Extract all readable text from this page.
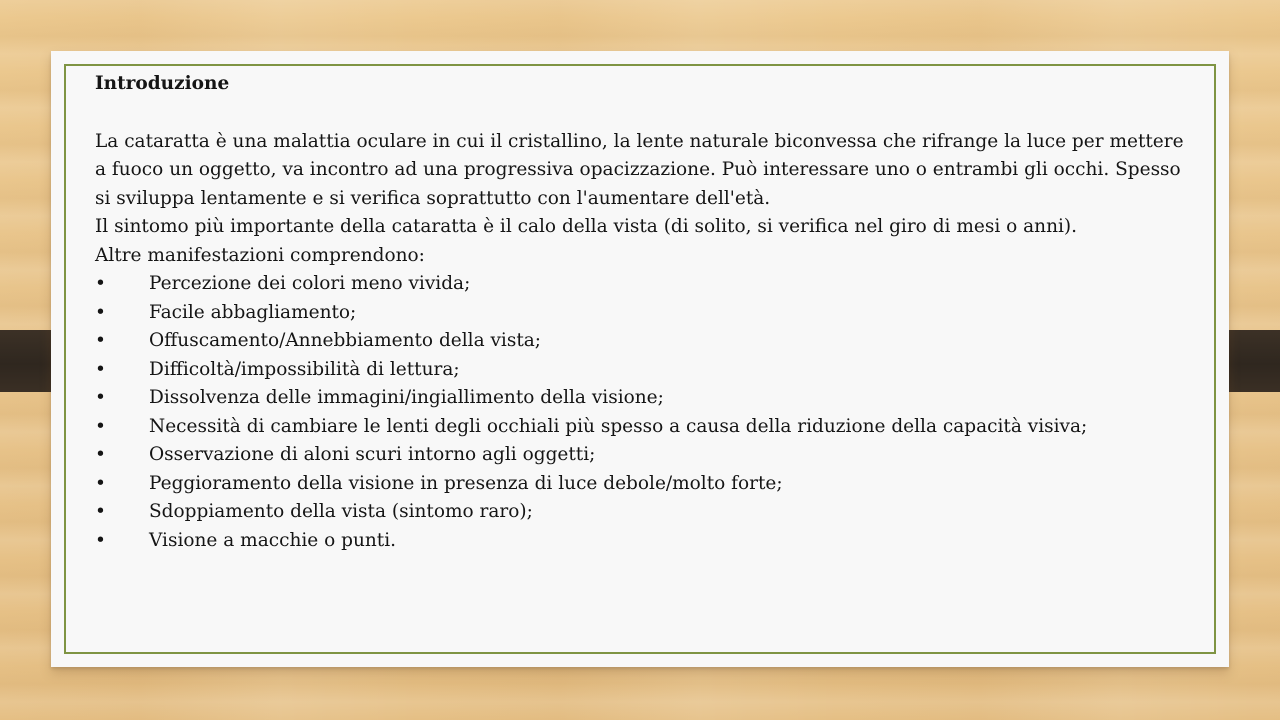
Introduzione

La cataratta è una malattia oculare in cui il cristallino, la lente naturale biconvessa che rifrange la luce per mettere a fuoco un oggetto, va incontro ad una progressiva opacizzazione. Può interessare uno o entrambi gli occhi. Spesso si sviluppa lentamente e si verifica soprattutto con l'aumentare dell'età.

Il sintomo più importante della cataratta è il calo della vista (di solito, si verifica nel giro di mesi o anni).

Altre manifestazioni comprendono:

• Percezione dei colori meno vivida;
• Facile abbagliamento;
• Offuscamento/Annebbiamento della vista;
• Difficoltà/impossibilità di lettura;
• Dissolvenza delle immagini/ingiallimento della visione;
• Necessità di cambiare le lenti degli occhiali più spesso a causa della riduzione della capacità visiva;
• Osservazione di aloni scuri intorno agli oggetti;
• Peggioramento della visione in presenza di luce debole/molto forte;
• Sdoppiamento della vista (sintomo raro);
• Visione a macchie o punti.
